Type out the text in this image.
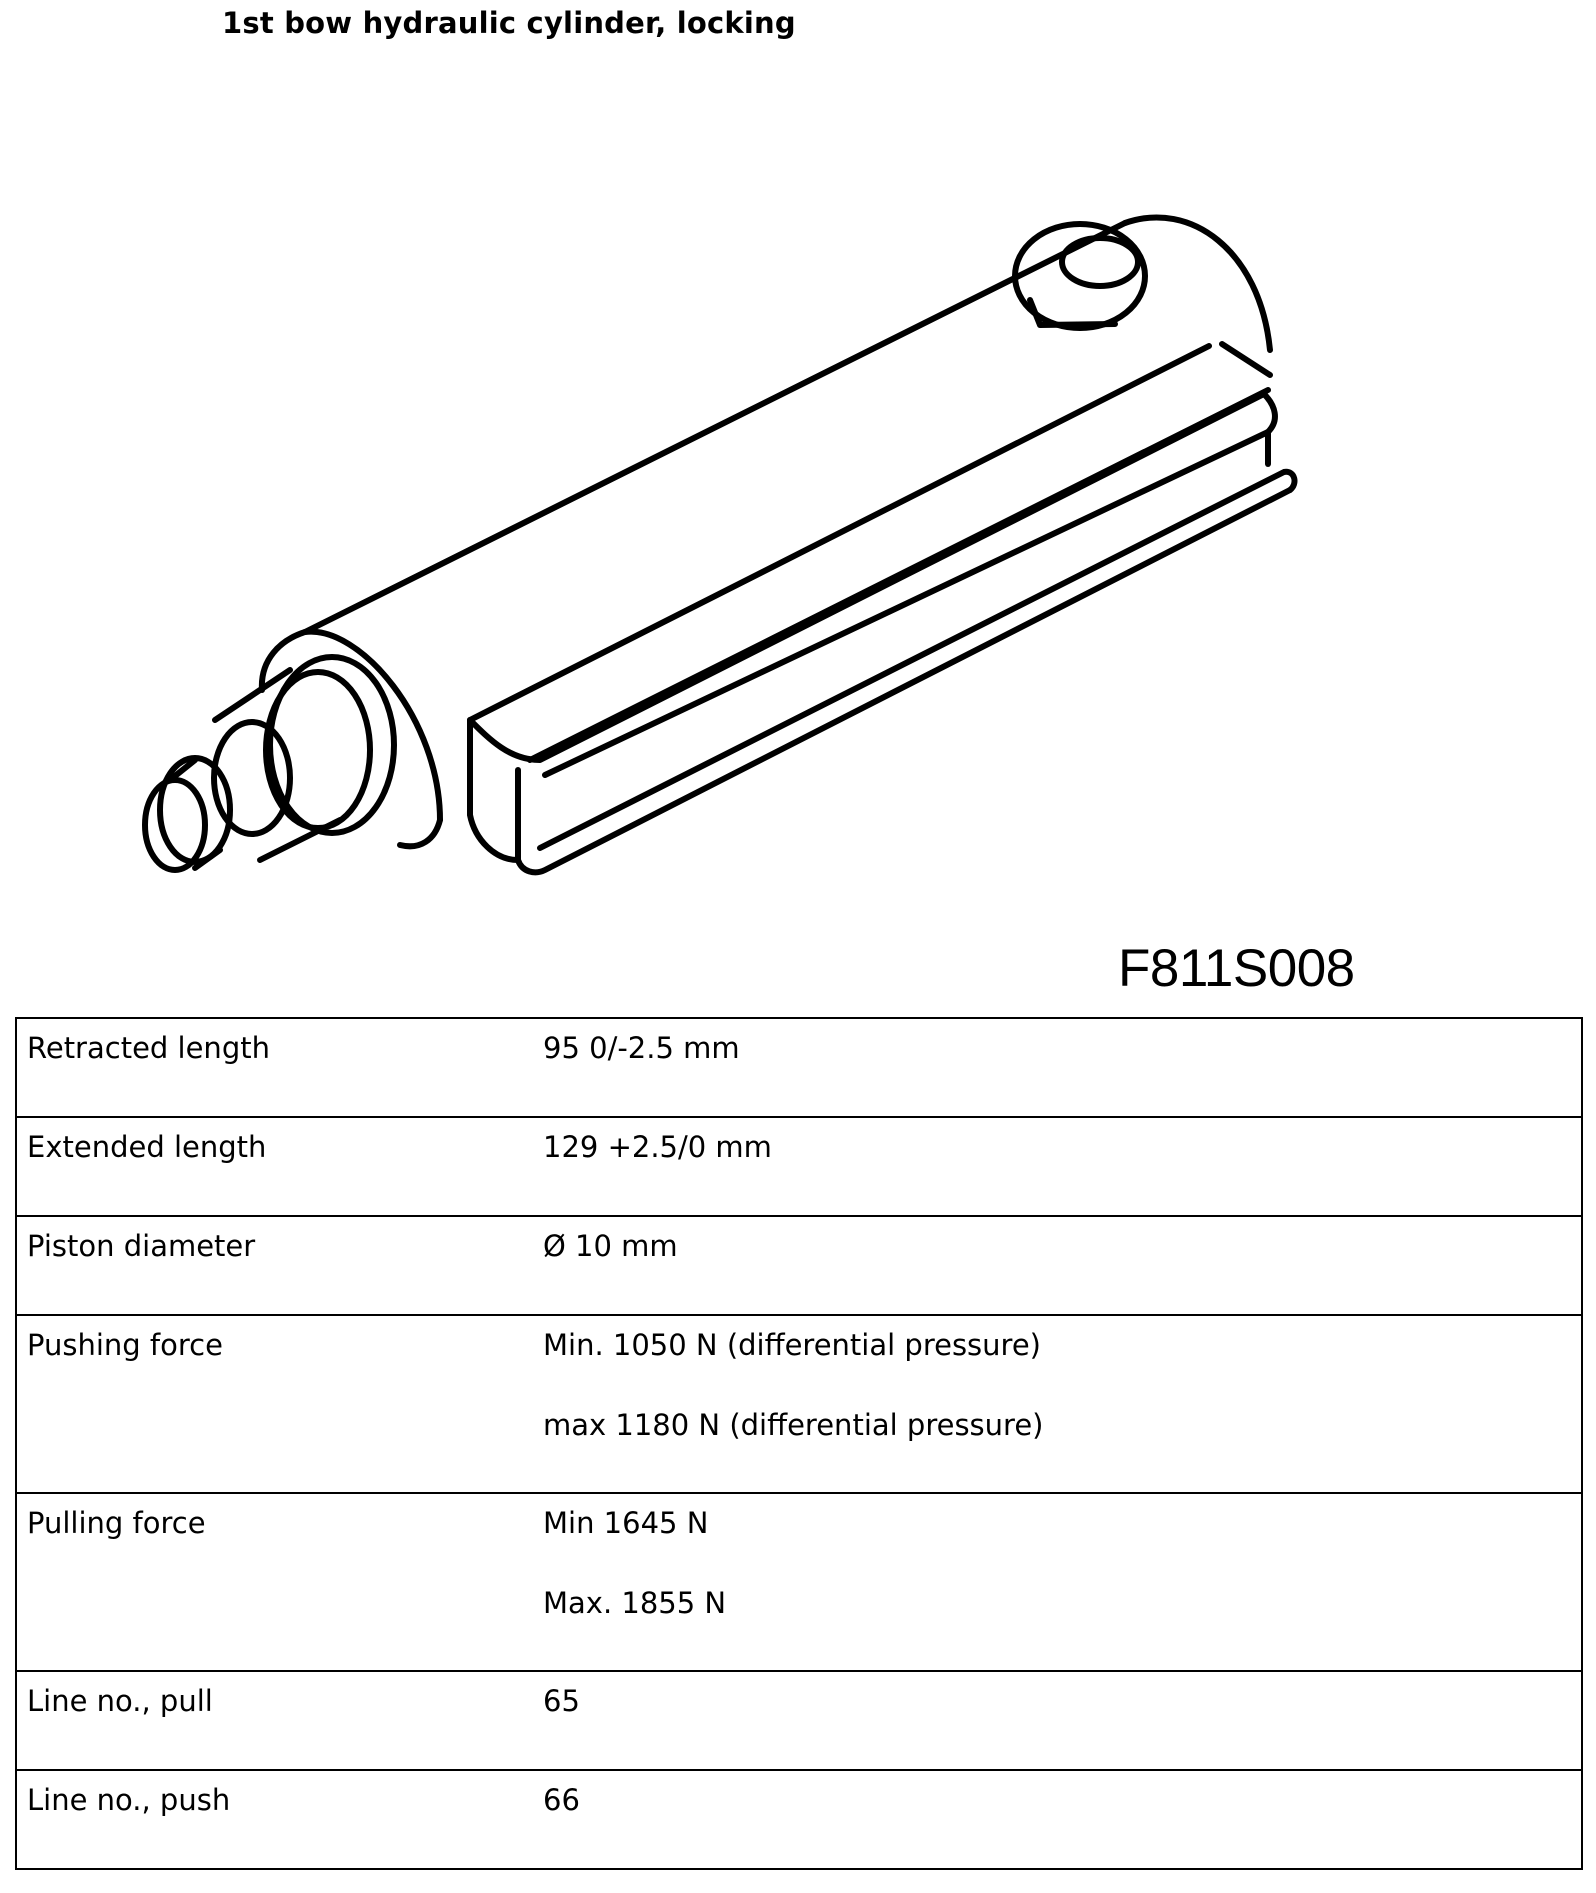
1st bow hydraulic cylinder, locking
F811S008
Retracted length	95 0/-2.5 mm

Extended length	129 +2.5/0 mm

Piston diameter	Ø 10 mm

Pushing force	Min. 1050 N (differential pressure)
max 1180 N (differential pressure)

Pulling force	Min 1645 N
Max. 1855 N

Line no., pull	65

Line no., push	66
